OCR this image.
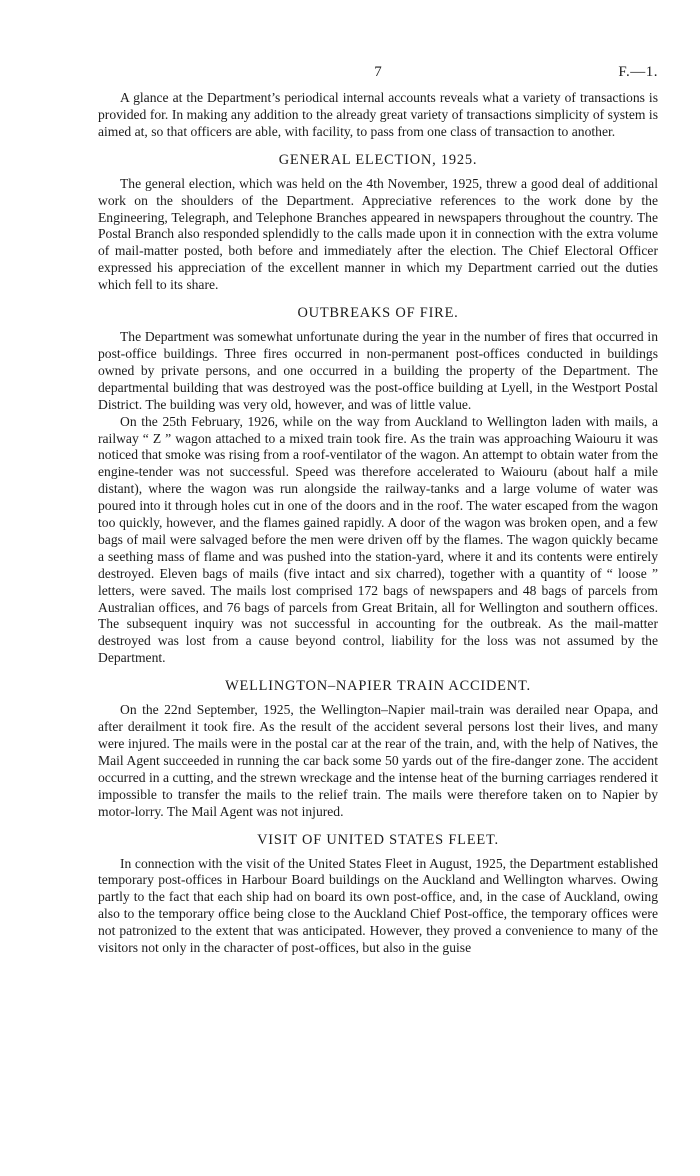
7	F.—1.

A glance at the Department’s periodical internal accounts reveals what a variety of transactions is provided for. In making any addition to the already great variety of transactions simplicity of system is aimed at, so that officers are able, with facility, to pass from one class of transaction to another.

GENERAL ELECTION, 1925.

The general election, which was held on the 4th November, 1925, threw a good deal of additional work on the shoulders of the Department. Appreciative references to the work done by the Engineering, Telegraph, and Telephone Branches appeared in newspapers throughout the country. The Postal Branch also responded splendidly to the calls made upon it in connection with the extra volume of mail-matter posted, both before and immediately after the election. The Chief Electoral Officer expressed his appreciation of the excellent manner in which my Department carried out the duties which fell to its share.

OUTBREAKS OF FIRE.

The Department was somewhat unfortunate during the year in the number of fires that occurred in post-office buildings. Three fires occurred in non-permanent post-offices conducted in buildings owned by private persons, and one occurred in a building the property of the Department. The departmental building that was destroyed was the post-office building at Lyell, in the Westport Postal District. The building was very old, however, and was of little value.

On the 25th February, 1926, while on the way from Auckland to Wellington laden with mails, a railway “ Z ” wagon attached to a mixed train took fire. As the train was approaching Waiouru it was noticed that smoke was rising from a roof-ventilator of the wagon. An attempt to obtain water from the engine-tender was not successful. Speed was therefore accelerated to Waiouru (about half a mile distant), where the wagon was run alongside the railway-tanks and a large volume of water was poured into it through holes cut in one of the doors and in the roof. The water escaped from the wagon too quickly, however, and the flames gained rapidly. A door of the wagon was broken open, and a few bags of mail were salvaged before the men were driven off by the flames. The wagon quickly became a seething mass of flame and was pushed into the station-yard, where it and its contents were entirely destroyed. Eleven bags of mails (five intact and six charred), together with a quantity of “ loose ” letters, were saved. The mails lost comprised 172 bags of newspapers and 48 bags of parcels from Australian offices, and 76 bags of parcels from Great Britain, all for Wellington and southern offices. The subsequent inquiry was not successful in accounting for the outbreak. As the mail-matter destroyed was lost from a cause beyond control, liability for the loss was not assumed by the Department.

WELLINGTON–NAPIER TRAIN ACCIDENT.

On the 22nd September, 1925, the Wellington–Napier mail-train was derailed near Opapa, and after derailment it took fire. As the result of the accident several persons lost their lives, and many were injured. The mails were in the postal car at the rear of the train, and, with the help of Natives, the Mail Agent succeeded in running the car back some 50 yards out of the fire-danger zone. The accident occurred in a cutting, and the strewn wreckage and the intense heat of the burning carriages rendered it impossible to transfer the mails to the relief train. The mails were therefore taken on to Napier by motor-lorry. The Mail Agent was not injured.

VISIT OF UNITED STATES FLEET.

In connection with the visit of the United States Fleet in August, 1925, the Department established temporary post-offices in Harbour Board buildings on the Auckland and Wellington wharves. Owing partly to the fact that each ship had on board its own post-office, and, in the case of Auckland, owing also to the temporary office being close to the Auckland Chief Post-office, the temporary offices were not patronized to the extent that was anticipated. However, they proved a convenience to many of the visitors not only in the character of post-offices, but also in the guise
